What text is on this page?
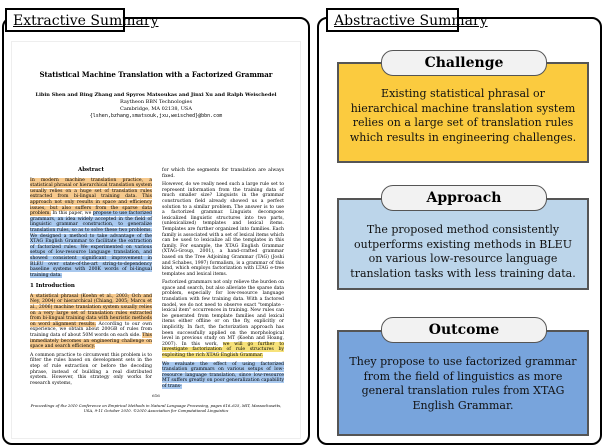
Statistical Machine Translation with a Factorized Grammar
Libin Shen and Bing Zhang and Spyros Matsoukas and Jinxi Xu and Ralph Weischedel
Raytheon BBN Technologies
Cambridge, MA 02138, USA
{lshen,bzhang,smatsouk,jxu,weisched}@bbn.com
Abstract
In modern machine translation practice, a statistical phrasal or hierarchical translation system usually relies on a huge set of translation rules extracted from bi-lingual training data. This approach not only results in space and efficiency issues, but also suffers from the sparse data problem. In this paper, we propose to use factorized grammars, an idea widely accepted in the field of linguistic grammar construction, to generalize translation rules, so as to solve these two problems. We designed a method to take advantage of the XTAG English Grammar to facilitate the extraction of factorized rules. We experimented on various setups of low-resource language translation, and showed consistent significant improvement in BLEU over state-of-the-art string-to-dependency baseline systems with 200K words of bi-lingual training data.
1 Introduction
A statistical phrasal (Koehn et al., 2003; Och and Ney, 2004) or hierarchical (Chiang, 2005; Marcu et al., 2006) machine translation system usually relies on a very large set of translation rules extracted from bi-lingual training data with heuristic methods on word alignment results. According to our own experience, we obtain about 200GB of rules from training data of about 50M words on each side. This immediately becomes an engineering challenge on space and search efficiency.
A common practice to circumvent this problem is to filter the rules based on development sets in the step of rule extraction or before the decoding phrase, instead of building a real distributed system. However, this strategy only works for research systems,
for which the segments for translation are always fixed.
However, do we really need such a large rule set to represent information from the training data of much smaller size? Linguists in the grammar construction field already showed us a perfect solution to a similar problem. The answer is to use a factorized grammar. Linguists decompose lexicalized linguistic structures into two parts, (unlexicalized) templates and lexical items. Templates are further organized into families. Each family is associated with a set of lexical items which can be used to lexicalize all the templates in this family. For example, the XTAG English Grammar (XTAG-Group, 2001), a hand-crafted grammar based on the Tree Adjoining Grammar (TAG) (Joshi and Schabes, 1997) formalism, is a grammar of this kind, which employs factorization with LTAG e-tree templates and lexical items.
Factorized grammars not only relieve the burden on space and search, but also alleviate the sparse data problem, especially for low-resource language translation with few training data. With a factored model, we do not need to observe exact "template - lexical item" occurrences in training. New rules can be generated from template families and lexical items either offline or on the fly, explicitly or implicitly. In fact, the factorization approach has been successfully applied on the morphological level in previous study on MT (Koehn and Hoang, 2007). In this work, we will go further to investigate factorization of rule structures by exploiting the rich XTAG English Grammar.
We evaluate the effect of using factorized translation grammars on various setups of low-resource language translation, since low-resource MT suffers greatly on poor generalization capability of trans-
616
Proceedings of the 2010 Conference on Empirical Methods in Natural Language Processing, pages 616–625, MIT, Massachusetts, USA, 9-11 October 2010. ©2010 Association for Computational Linguistics
Extractive Summary	Abstractive Summary
Existing statistical phrasal or hierarchical machine translation system relies on a large set of translation rules which results in engineering challenges.
Challenge
The proposed method consistently outperforms existing methods in BLEU on various low-resource language translation tasks with less training data.
Approach
They propose to use factorized grammar from the field of linguistics as more general translation rules from XTAG English Grammar.
Outcome
